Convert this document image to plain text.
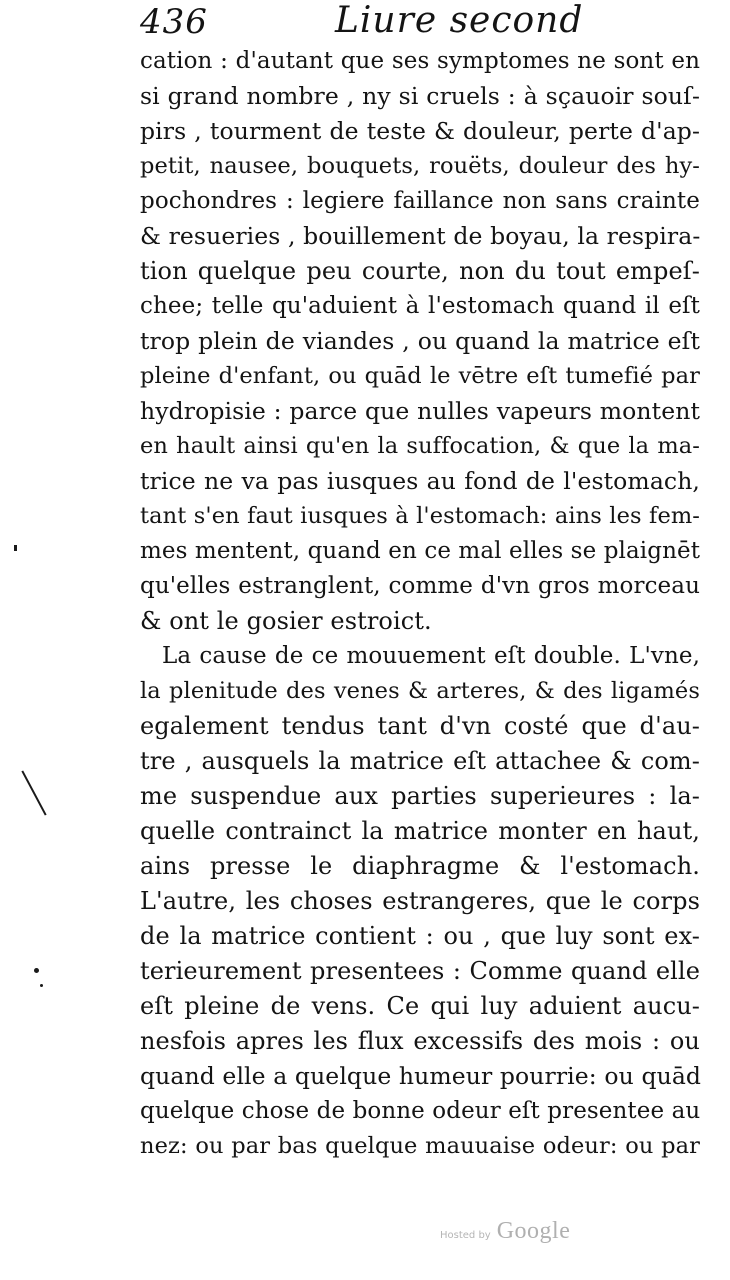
436	Liure second
cation : d'autant que ses symptomes ne sont en
si grand nombre , ny si cruels : à sçauoir souſ-
pirs , tourment de teste & douleur, perte d'ap-
petit, nausee, bouquets, rouëts, douleur des hy-
pochondres : legiere faillance non sans crainte
& resueries , bouillement de boyau, la respira-
tion quelque peu courte, non du tout empeſ-
chee; telle qu'aduient à l'estomach quand il eſt
trop plein de viandes , ou quand la matrice eſt
pleine d'enfant, ou quād le vētre eſt tumefié par
hydropisie : parce que nulles vapeurs montent
en hault ainsi qu'en la suffocation, & que la ma-
trice ne va pas iusques au fond de l'estomach,
tant s'en faut iusques à l'estomach: ains les fem-
mes mentent, quand en ce mal elles se plaignēt
qu'elles estranglent, comme d'vn gros morceau
& ont le gosier estroict.
La cause de ce mouuement eſt double. L'vne,
la plenitude des venes & arteres, & des ligamés
egalement tendus tant d'vn costé que d'au-
tre , ausquels la matrice eſt attachee & com-
me suspendue aux parties superieures : la-
quelle contrainct la matrice monter en haut,
ains presse le diaphragme & l'estomach.
L'autre, les choses estrangeres, que le corps
de la matrice contient : ou , que luy sont ex-
terieurement presentees : Comme quand elle
eſt pleine de vens. Ce qui luy aduient aucu-
nesfois apres les flux excessifs des mois : ou
quand elle a quelque humeur pourrie: ou quād
quelque chose de bonne odeur eſt presentee au
nez: ou par bas quelque mauuaise odeur: ou par
Hosted by Google
